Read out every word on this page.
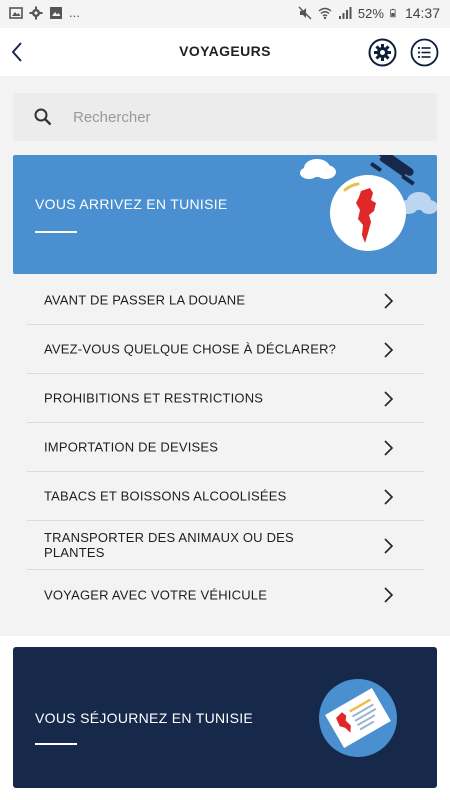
...	52% 14:37
VOYAGEURS
Rechercher
VOUS ARRIVEZ EN TUNISIE
AVANT DE PASSER LA DOUANE
AVEZ-VOUS QUELQUE CHOSE À DÉCLARER?
PROHIBITIONS ET RESTRICTIONS
IMPORTATION DE DEVISES
TABACS ET BOISSONS ALCOOLISÉES
TRANSPORTER DES ANIMAUX OU DES PLANTES
VOYAGER AVEC VOTRE VÉHICULE
VOUS SÉJOURNEZ EN TUNISIE
